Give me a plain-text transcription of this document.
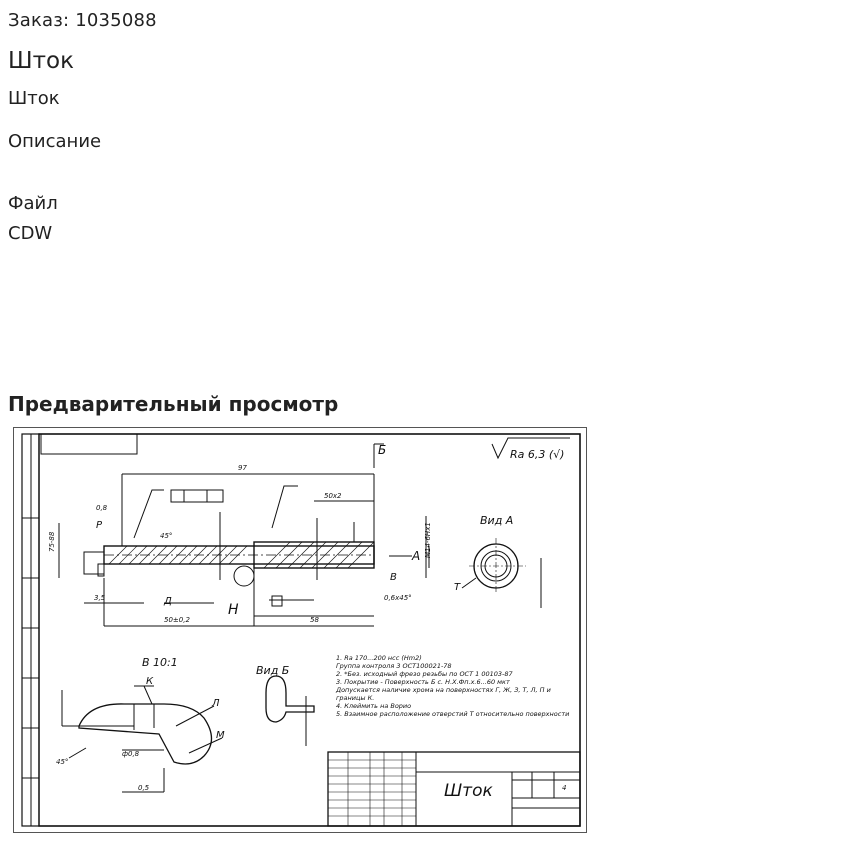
Заказ: 1035088
Шток
Шток
Описание
Файл
CDW
Предварительный просмотр
Шток
Вид А
Вид Б
В 10:1
Ra 6,3 (√)
1. Ra 170...200 нсс (Hm2)
Группа контроля 3 ОСТ100021-78
2. *Без. исходный фрезо резьбы по ОСТ 1 00103-87
3. Покрытие - Поверхность Б с. Н.Х.Фп.х.6...60 мкт
Допускается наличие хрома на поверхностях Г, Ж, З, Т, Л, П и
границы К.
4. Клеймить на Ворио
5. Взаимное расположение отверстий Т относительно поверхности
Б
А
В
Р
Д
Н
Т
К
Л
М
97
75-88
0,8
50x2
50±0,2	58
3,5
45°	M14-6Hx1
0,6x45°
45°
0,5
ф0,8
4
